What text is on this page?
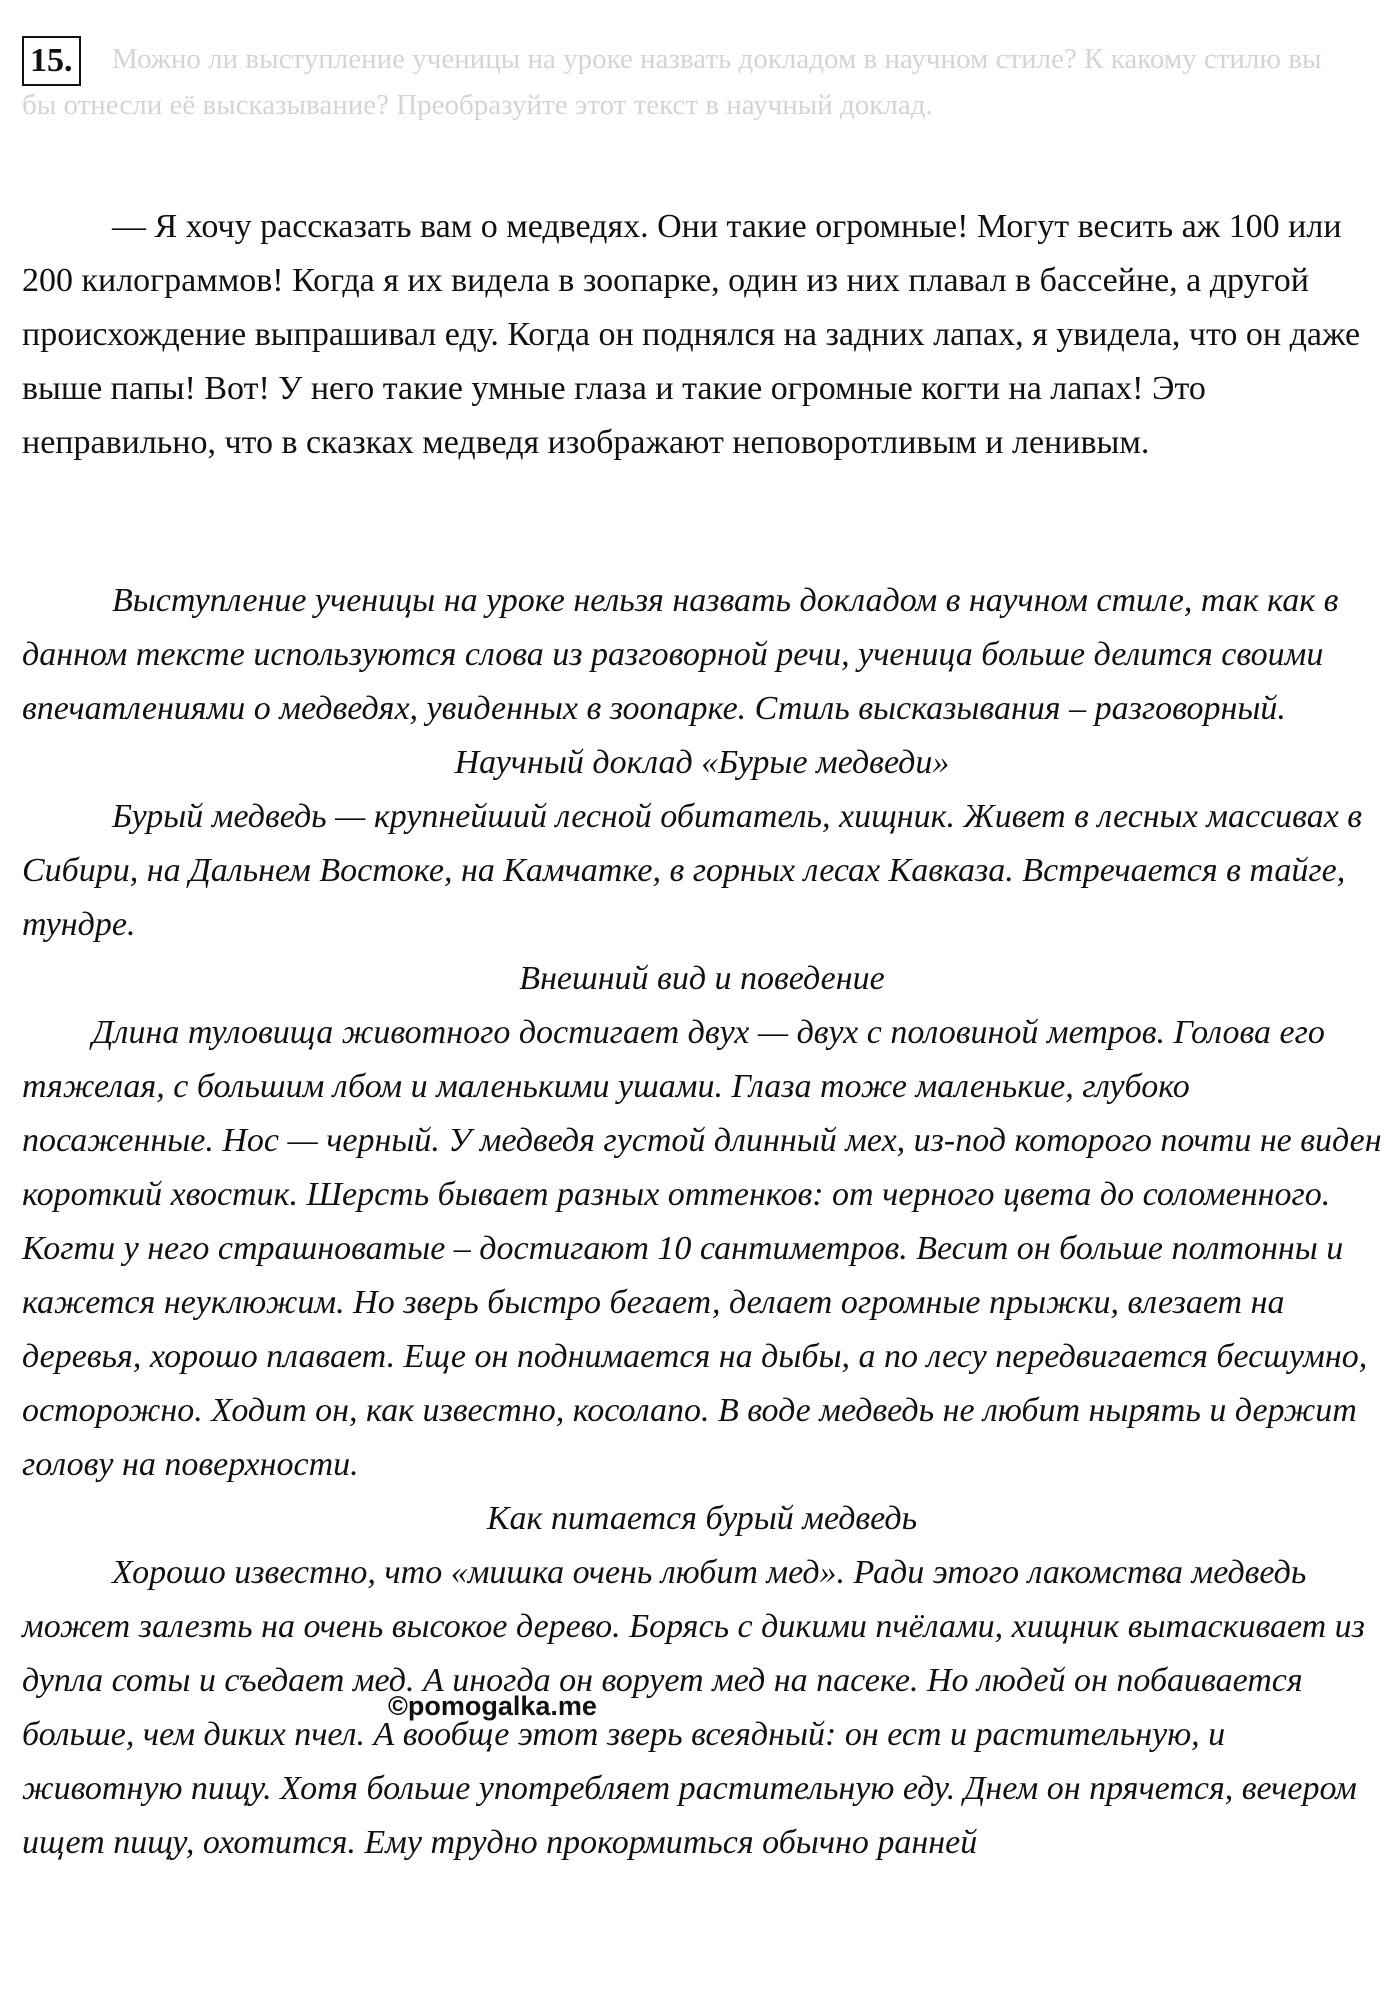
Можно ли выступление ученицы на уроке назвать докладом в научном стиле? К какому стилю вы бы отнесли её высказывание? Преобразуйте этот текст в научный доклад.
15.

— Я хочу рассказать вам о медведях. Они такие огромные! Могут весить аж 100 или 200 килограммов! Когда я их видела в зоопарке, один из них плавал в бассейне, а другой происхождение выпрашивал еду. Когда он поднялся на задних лапах, я увидела, что он даже выше папы! Вот! У него такие умные глаза и такие огромные когти на лапах! Это неправильно, что в сказках медведя изображают неповоротливым и ленивым.

Выступление ученицы на уроке нельзя назвать докладом в научном стиле, так как в данном тексте используются слова из разговорной речи, ученица больше делится своими впечатлениями о медведях, увиденных в зоопарке. Стиль высказывания – разговорный.

Научный доклад «Бурые медведи»

Бурый медведь — крупнейший лесной обитатель, хищник. Живет в лесных массивах в Сибири, на Дальнем Востоке, на Камчатке, в горных лесах Кавказа. Встречается в тайге, тундре.

Внешний вид и поведение

Длина туловища животного достигает двух — двух с половиной метров. Голова его тяжелая, с большим лбом и маленькими ушами. Глаза тоже маленькие, глубоко посаженные. Нос — черный. У медведя густой длинный мех, из-под которого почти не виден короткий хвостик. Шерсть бывает разных оттенков: от черного цвета до соломенного. Когти у него страшноватые – достигают 10 сантиметров. Весит он больше полтонны и кажется неуклюжим. Но зверь быстро бегает, делает огромные прыжки, влезает на деревья, хорошо плавает. Еще он поднимается на дыбы, а по лесу передвигается бесшумно, осторожно. Ходит он, как известно, косолапо. В воде медведь не любит нырять и держит голову на поверхности.

Как питается бурый медведь

Хорошо известно, что «мишка очень любит мед». Ради этого лакомства медведь может залезть на очень высокое дерево. Борясь с дикими пчёлами, хищник вытаскивает из дупла соты и съедает мед. А иногда он ворует мед на пасеке. Но людей он побаивается больше, чем диких пчел. А вообще этот зверь всеядный: он ест и растительную, и животную пищу. Хотя больше употребляет растительную еду. Днем он прячется, вечером ищет пищу, охотится. Ему трудно прокормиться обычно ранней

©pomogalka.me
